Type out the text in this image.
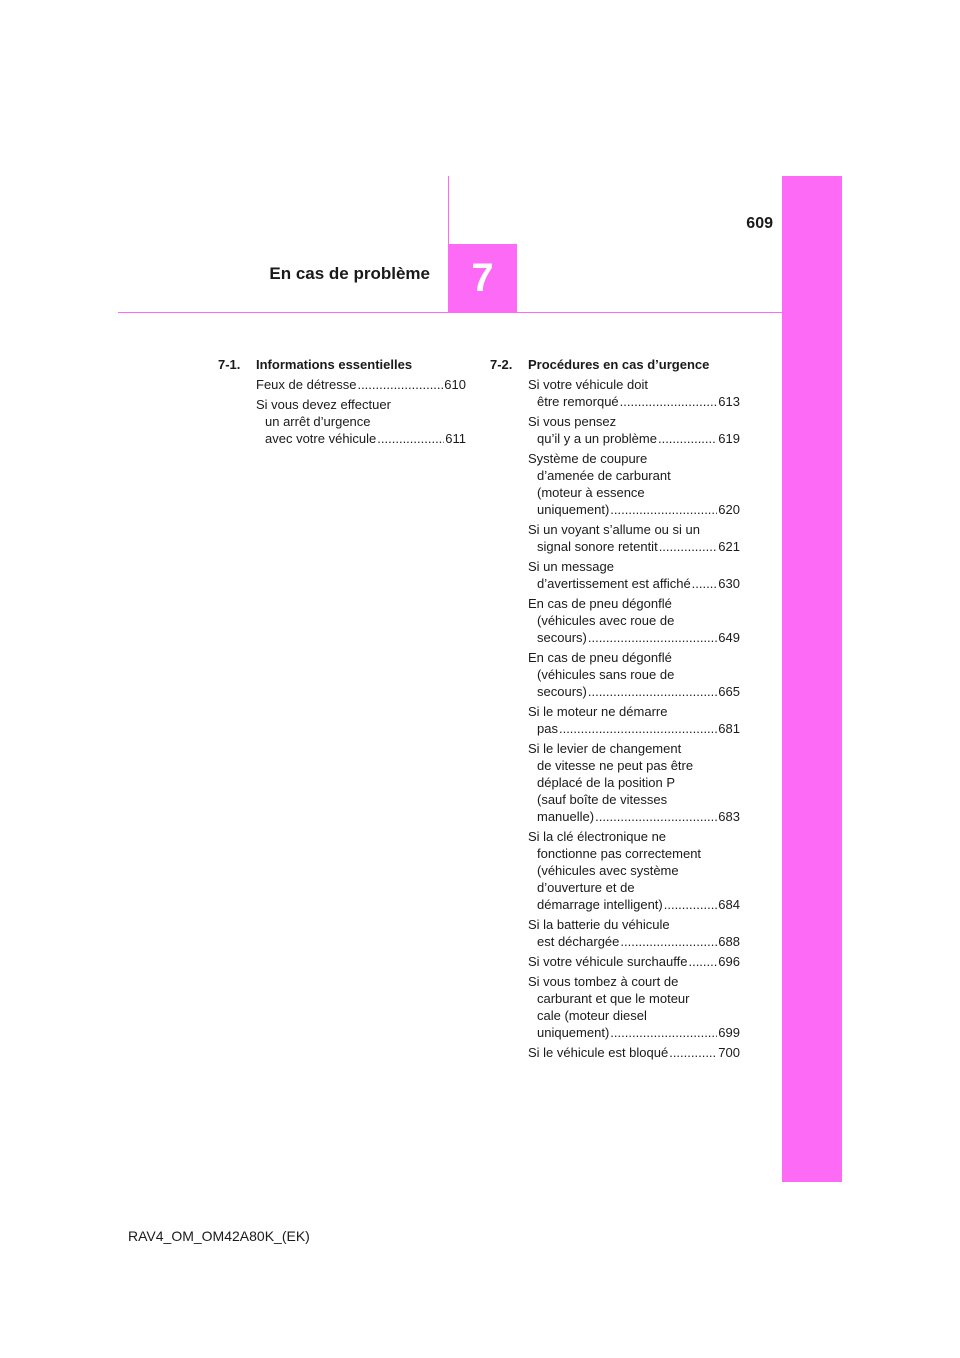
7
609
En cas de problème
7-1.	Informations essentielles
Feux de détresse .....	610
Si vous devez effectuer
un arrêt d’urgence
avec votre véhicule .....	611
7-2.	Procédures en cas d’urgence
Si votre véhicule doit
être remorqué .....	613
Si vous pensez
qu’il y a un problème .....	619
Système de coupure
d’amenée de carburant
(moteur à essence
uniquement) .....	620
Si un voyant s’allume ou si un
signal sonore retentit .....	621
Si un message
d’avertissement est affiché ..... 630
En cas de pneu dégonflé
(véhicules avec roue de
secours) .....	649
En cas de pneu dégonflé
(véhicules sans roue de
secours) .....	665
Si le moteur ne démarre
pas .....	681
Si le levier de changement
de vitesse ne peut pas être
déplacé de la position P
(sauf boîte de vitesses
manuelle) .....	683
Si la clé électronique ne
fonctionne pas correctement
(véhicules avec système
d’ouverture et de
démarrage intelligent) .....	684
Si la batterie du véhicule
est déchargée .....	688
Si votre véhicule surchauffe ..... 696
Si vous tombez à court de
carburant et que le moteur
cale (moteur diesel
uniquement) .....	699
Si le véhicule est bloqué .....	700
RAV4_OM_OM42A80K_(EK)
